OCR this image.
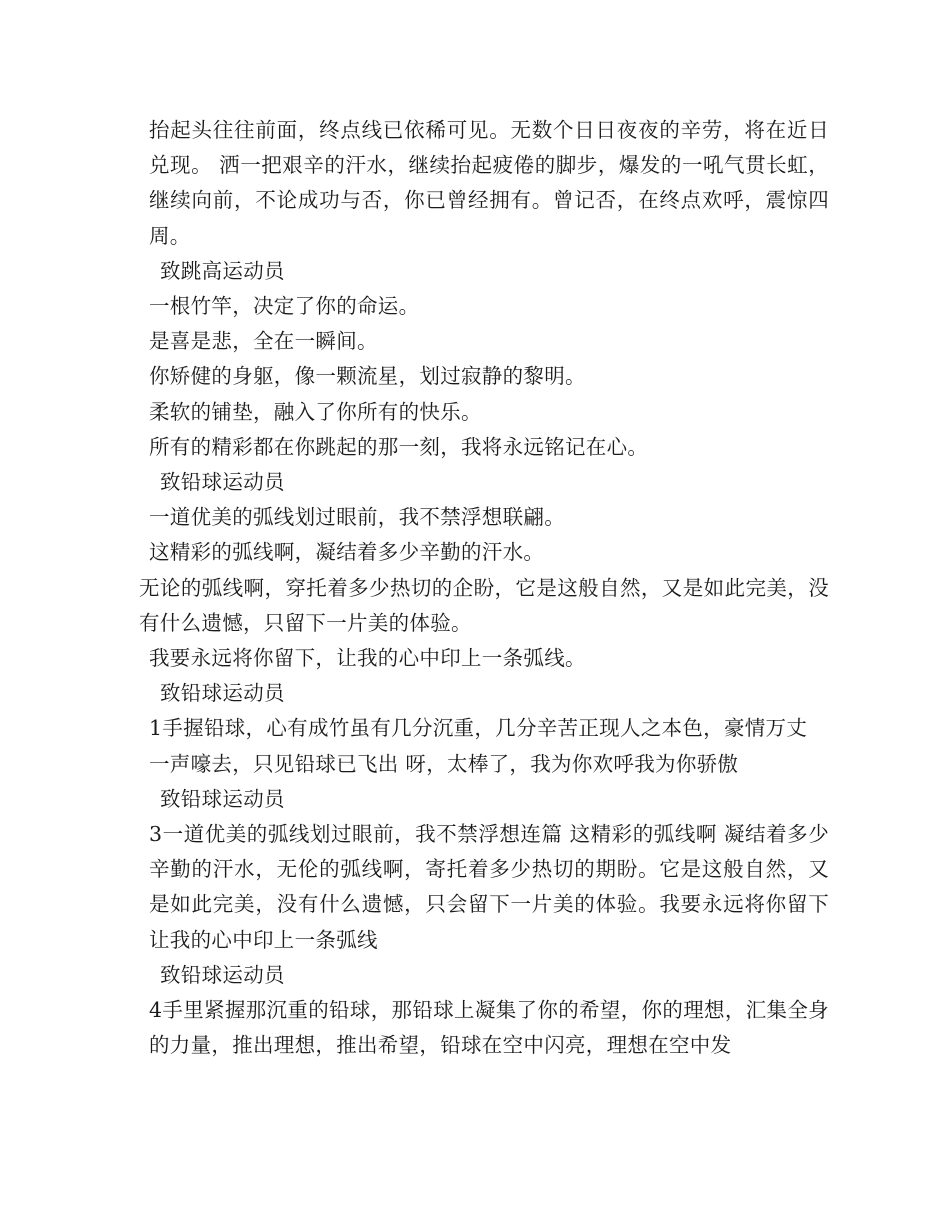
抬起头往往前面，终点线已依稀可见。无数个日日夜夜的辛劳，将在近日兑现。 洒一把艰辛的汗水，继续抬起疲倦的脚步，爆发的一吼气贯长虹，继续向前，不论成功与否，你已曾经拥有。曾记否，在终点欢呼，震惊四周。

致跳高运动员

一根竹竿，决定了你的命运。

是喜是悲，全在一瞬间。

你矫健的身躯，像一颗流星，划过寂静的黎明。

柔软的铺垫，融入了你所有的快乐。

所有的精彩都在你跳起的那一刻，我将永远铭记在心。

致铅球运动员

一道优美的弧线划过眼前，我不禁浮想联翩。

这精彩的弧线啊，凝结着多少辛勤的汗水。

无论的弧线啊，穿托着多少热切的企盼，它是这般自然，又是如此完美，没有什么遗憾，只留下一片美的体验。

我要永远将你留下，让我的心中印上一条弧线。

致铅球运动员

1手握铅球，心有成竹虽有几分沉重，几分辛苦正现人之本色，豪情万丈

一声嚎去，只见铅球已飞出 呀，太棒了，我为你欢呼我为你骄傲

致铅球运动员

3一道优美的弧线划过眼前，我不禁浮想连篇 这精彩的弧线啊 凝结着多少辛勤的汗水，无伦的弧线啊，寄托着多少热切的期盼。它是这般自然，又是如此完美，没有什么遗憾，只会留下一片美的体验。我要永远将你留下 让我的心中印上一条弧线

致铅球运动员

4手里紧握那沉重的铅球，那铅球上凝集了你的希望，你的理想，汇集全身的力量，推出理想，推出希望，铅球在空中闪亮，理想在空中发
